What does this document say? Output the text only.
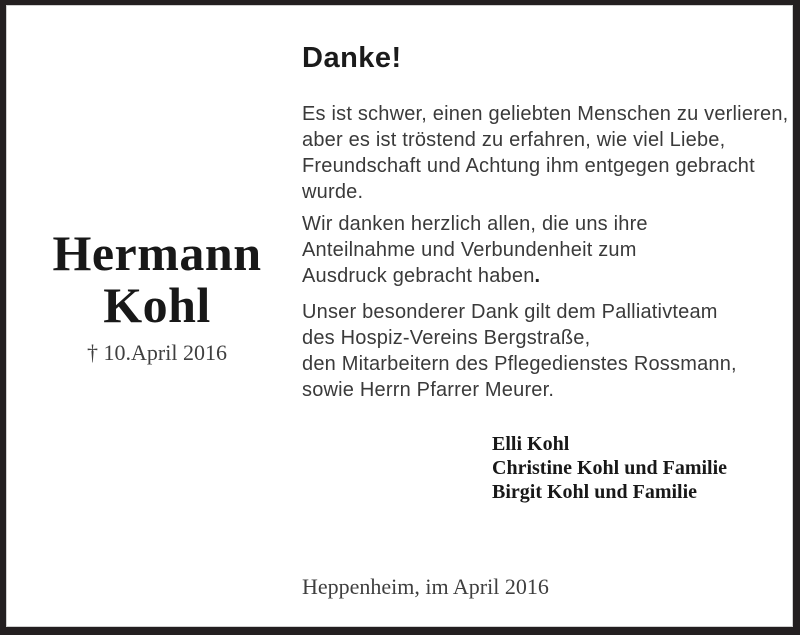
Danke!
Hermann
Kohl
† 10.April 2016
Es ist schwer, einen geliebten Menschen zu verlieren,
aber es ist tröstend zu erfahren, wie viel Liebe,
Freundschaft und Achtung ihm entgegen gebracht
wurde.
Wir danken herzlich allen, die uns ihre
Anteilnahme und Verbundenheit zum
Ausdruck gebracht haben.
Unser besonderer Dank gilt dem Palliativteam
des Hospiz-Vereins Bergstraße,
den Mitarbeitern des Pflegedienstes Rossmann,
sowie Herrn Pfarrer Meurer.
Elli Kohl
Christine Kohl und Familie
Birgit Kohl und Familie
Heppenheim, im April 2016
